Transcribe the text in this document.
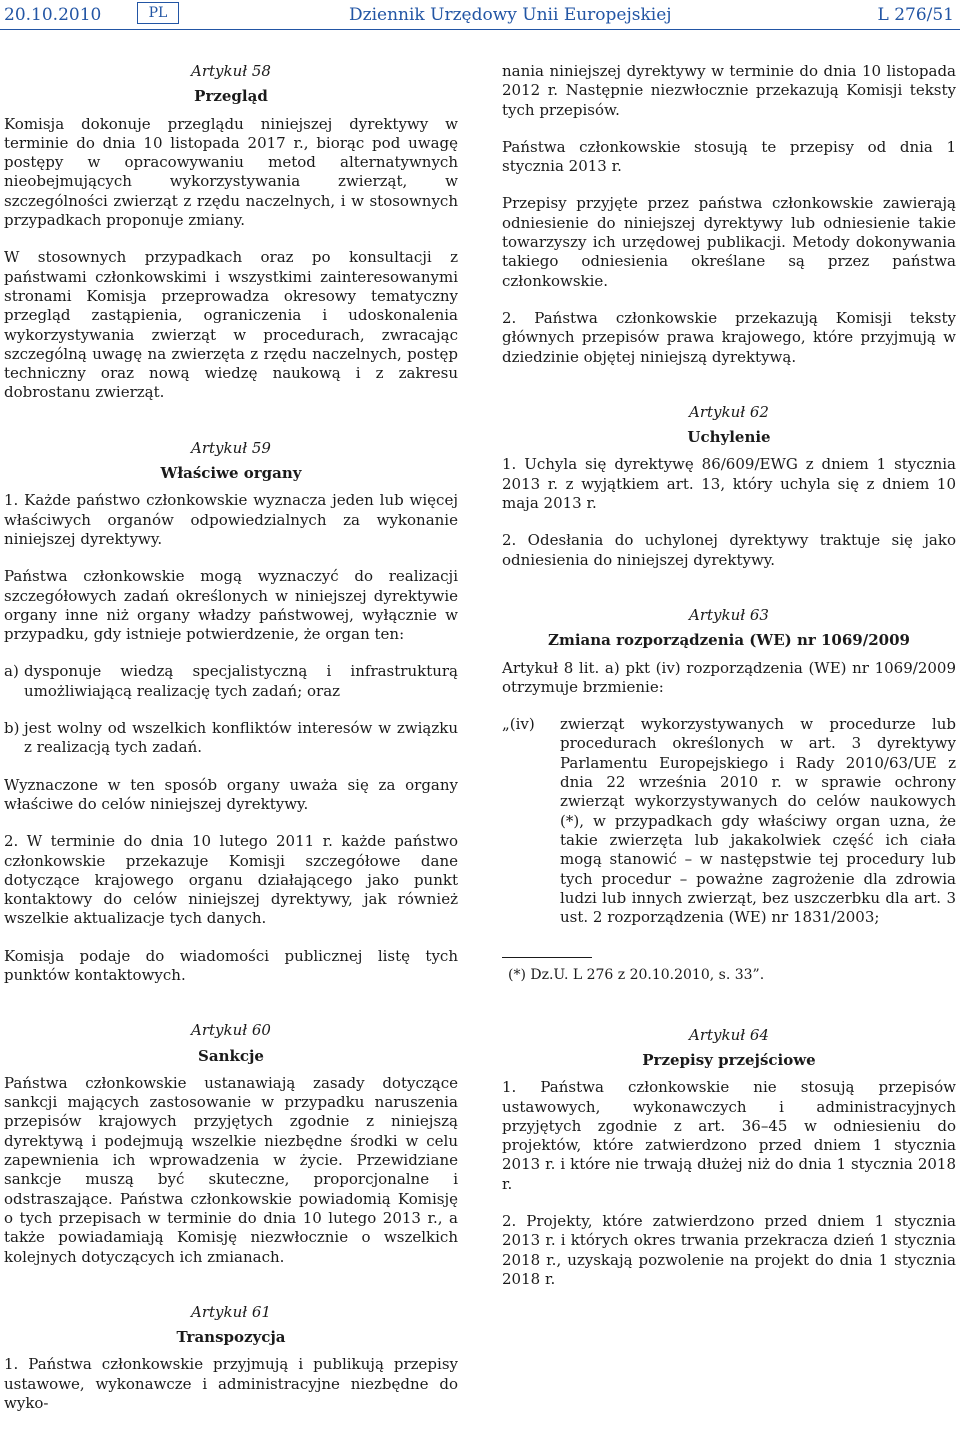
20.10.2010	PL	Dziennik Urzędowy Unii Europejskiej	L 276/51
Artykuł 58
Przegląd

Komisja dokonuje przeglądu niniejszej dyrektywy w terminie do dnia 10 listopada 2017 r., biorąc pod uwagę postępy w opracowywaniu metod alternatywnych nieobejmujących wykorzystywania zwierząt, w szczególności zwierząt z rzędu naczelnych, i w stosownych przypadkach proponuje zmiany.

W stosownych przypadkach oraz po konsultacji z państwami członkowskimi i wszystkimi zainteresowanymi stronami Komisja przeprowadza okresowy tematyczny przegląd zastąpienia, ograniczenia i udoskonalenia wykorzystywania zwierząt w procedurach, zwracając szczególną uwagę na zwierzęta z rzędu naczelnych, postęp techniczny oraz nową wiedzę naukową i z zakresu dobrostanu zwierząt.

Artykuł 59
Właściwe organy

1. Każde państwo członkowskie wyznacza jeden lub więcej właściwych organów odpowiedzialnych za wykonanie niniejszej dyrektywy.

Państwa członkowskie mogą wyznaczyć do realizacji szczegółowych zadań określonych w niniejszej dyrektywie organy inne niż organy władzy państwowej, wyłącznie w przypadku, gdy istnieje potwierdzenie, że organ ten:

a) dysponuje wiedzą specjalistyczną i infrastrukturą umożliwiającą realizację tych zadań; oraz
b) jest wolny od wszelkich konfliktów interesów w związku z realizacją tych zadań.

Wyznaczone w ten sposób organy uważa się za organy właściwe do celów niniejszej dyrektywy.

2. W terminie do dnia 10 lutego 2011 r. każde państwo członkowskie przekazuje Komisji szczegółowe dane dotyczące krajowego organu działającego jako punkt kontaktowy do celów niniejszej dyrektywy, jak również wszelkie aktualizacje tych danych.

Komisja podaje do wiadomości publicznej listę tych punktów kontaktowych.

Artykuł 60
Sankcje

Państwa członkowskie ustanawiają zasady dotyczące sankcji mających zastosowanie w przypadku naruszenia przepisów krajowych przyjętych zgodnie z niniejszą dyrektywą i podejmują wszelkie niezbędne środki w celu zapewnienia ich wprowadzenia w życie. Przewidziane sankcje muszą być skuteczne, proporcjonalne i odstraszające. Państwa członkowskie powiadomią Komisję o tych przepisach w terminie do dnia 10 lutego 2013 r., a także powiadamiają Komisję niezwłocznie o wszelkich kolejnych dotyczących ich zmianach.

Artykuł 61
Transpozycja

1. Państwa członkowskie przyjmują i publikują przepisy ustawowe, wykonawcze i administracyjne niezbędne do wyko-

nania niniejszej dyrektywy w terminie do dnia 10 listopada 2012 r. Następnie niezwłocznie przekazują Komisji teksty tych przepisów.

Państwa członkowskie stosują te przepisy od dnia 1 stycznia 2013 r.

Przepisy przyjęte przez państwa członkowskie zawierają odniesienie do niniejszej dyrektywy lub odniesienie takie towarzyszy ich urzędowej publikacji. Metody dokonywania takiego odniesienia określane są przez państwa członkowskie.

2. Państwa członkowskie przekazują Komisji teksty głównych przepisów prawa krajowego, które przyjmują w dziedzinie objętej niniejszą dyrektywą.

Artykuł 62
Uchylenie

1. Uchyla się dyrektywę 86/609/EWG z dniem 1 stycznia 2013 r. z wyjątkiem art. 13, który uchyla się z dniem 10 maja 2013 r.

2. Odesłania do uchylonej dyrektywy traktuje się jako odniesienia do niniejszej dyrektywy.

Artykuł 63
Zmiana rozporządzenia (WE) nr 1069/2009

Artykuł 8 lit. a) pkt (iv) rozporządzenia (WE) nr 1069/2009 otrzymuje brzmienie:

„(iv)	zwierząt wykorzystywanych w procedurze lub procedurach określonych w art. 3 dyrektywy Parlamentu Europejskiego i Rady 2010/63/UE z dnia 22 września 2010 r. w sprawie ochrony zwierząt wykorzystywanych do celów naukowych (*), w przypadkach gdy właściwy organ uzna, że takie zwierzęta lub jakakolwiek część ich ciała mogą stanowić – w następstwie tej procedury lub tych procedur – poważne zagrożenie dla zdrowia ludzi lub innych zwierząt, bez uszczerbku dla art. 3 ust. 2 rozporządzenia (WE) nr 1831/2003;
(*) Dz.U. L 276 z 20.10.2010, s. 33”.
Artykuł 64
Przepisy przejściowe

1. Państwa członkowskie nie stosują przepisów ustawowych, wykonawczych i administracyjnych przyjętych zgodnie z art. 36–45 w odniesieniu do projektów, które zatwierdzono przed dniem 1 stycznia 2013 r. i które nie trwają dłużej niż do dnia 1 stycznia 2018 r.

2. Projekty, które zatwierdzono przed dniem 1 stycznia 2013 r. i których okres trwania przekracza dzień 1 stycznia 2018 r., uzyskają pozwolenie na projekt do dnia 1 stycznia 2018 r.
